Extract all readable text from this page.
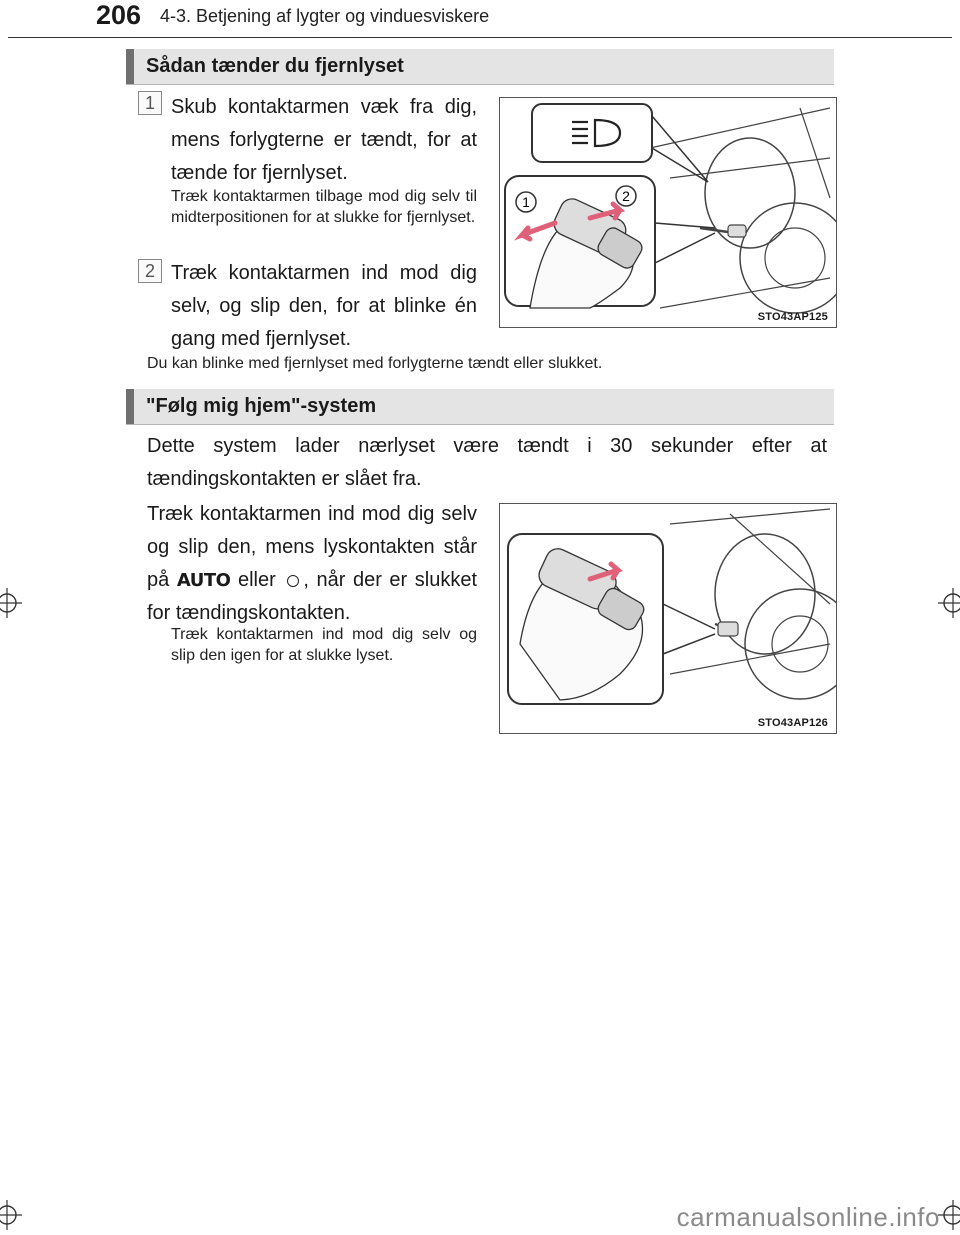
206 4-3. Betjening af lygter og vinduesviskere
Sådan tænder du fjernlyset
1 Skub kontaktarmen væk fra dig, mens forlygterne er tændt, for at tænde for fjernlyset.
Træk kontaktarmen tilbage mod dig selv til midterpositionen for at slukke for fjernlyset.
2 Træk kontaktarmen ind mod dig selv, og slip den, for at blinke én gang med fjernlyset.
Du kan blinke med fjernlyset med forlygterne tændt eller slukket.
1	2
STO43AP125
"Følg mig hjem"-system
Dette system lader nærlyset være tændt i 30 sekunder efter at tændingskontakten er slået fra.
Træk kontaktarmen ind mod dig selv og slip den, mens lyskontakten står på AUTO eller , når der er slukket for tændingskontakten.
Træk kontaktarmen ind mod dig selv og slip den igen for at slukke lyset.
STO43AP126
carmanualsonline.info
